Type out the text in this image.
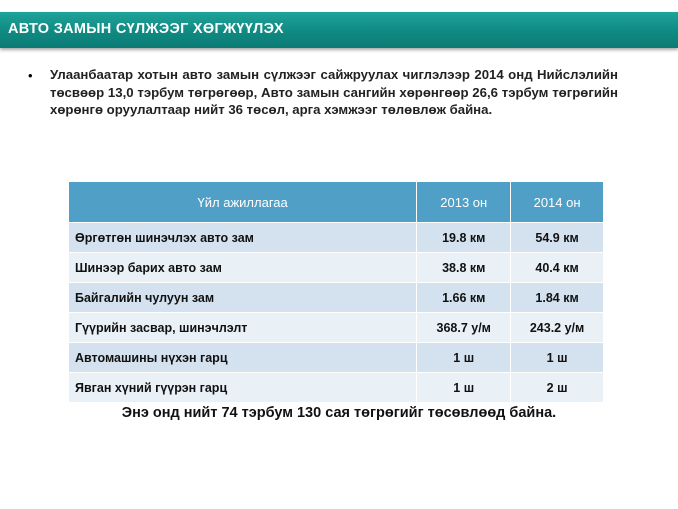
АВТО ЗАМЫН СҮЛЖЭЭГ ХӨГЖҮҮЛЭХ
• Улаанбаатар хотын авто замын сүлжээг сайжруулах чиглэлээр 2014 онд Нийслэлийн төсвөөр 13,0 тэрбум төгрөгөөр, Авто замын сангийн хөрөнгөөр 26,6 тэрбум төгрөгийн хөрөнгө оруулалтаар нийт 36 төсөл, арга хэмжээг төлөвлөж байна.
Үйл ажиллагаа	2013 он	2014 он
Өргөтгөн шинэчлэх авто зам	19.8 км	54.9 км
Шинээр барих авто зам	38.8 км	40.4 км
Байгалийн чулуун зам	1.66 км	1.84 км
Гүүрийн засвар, шинэчлэлт	368.7 у/м	243.2 у/м
Автомашины нүхэн гарц	1 ш	1 ш
Явган хүний гүүрэн гарц	1 ш	2 ш
Энэ онд нийт 74 тэрбум 130 сая төгрөгийг төсөвлөөд байна.
